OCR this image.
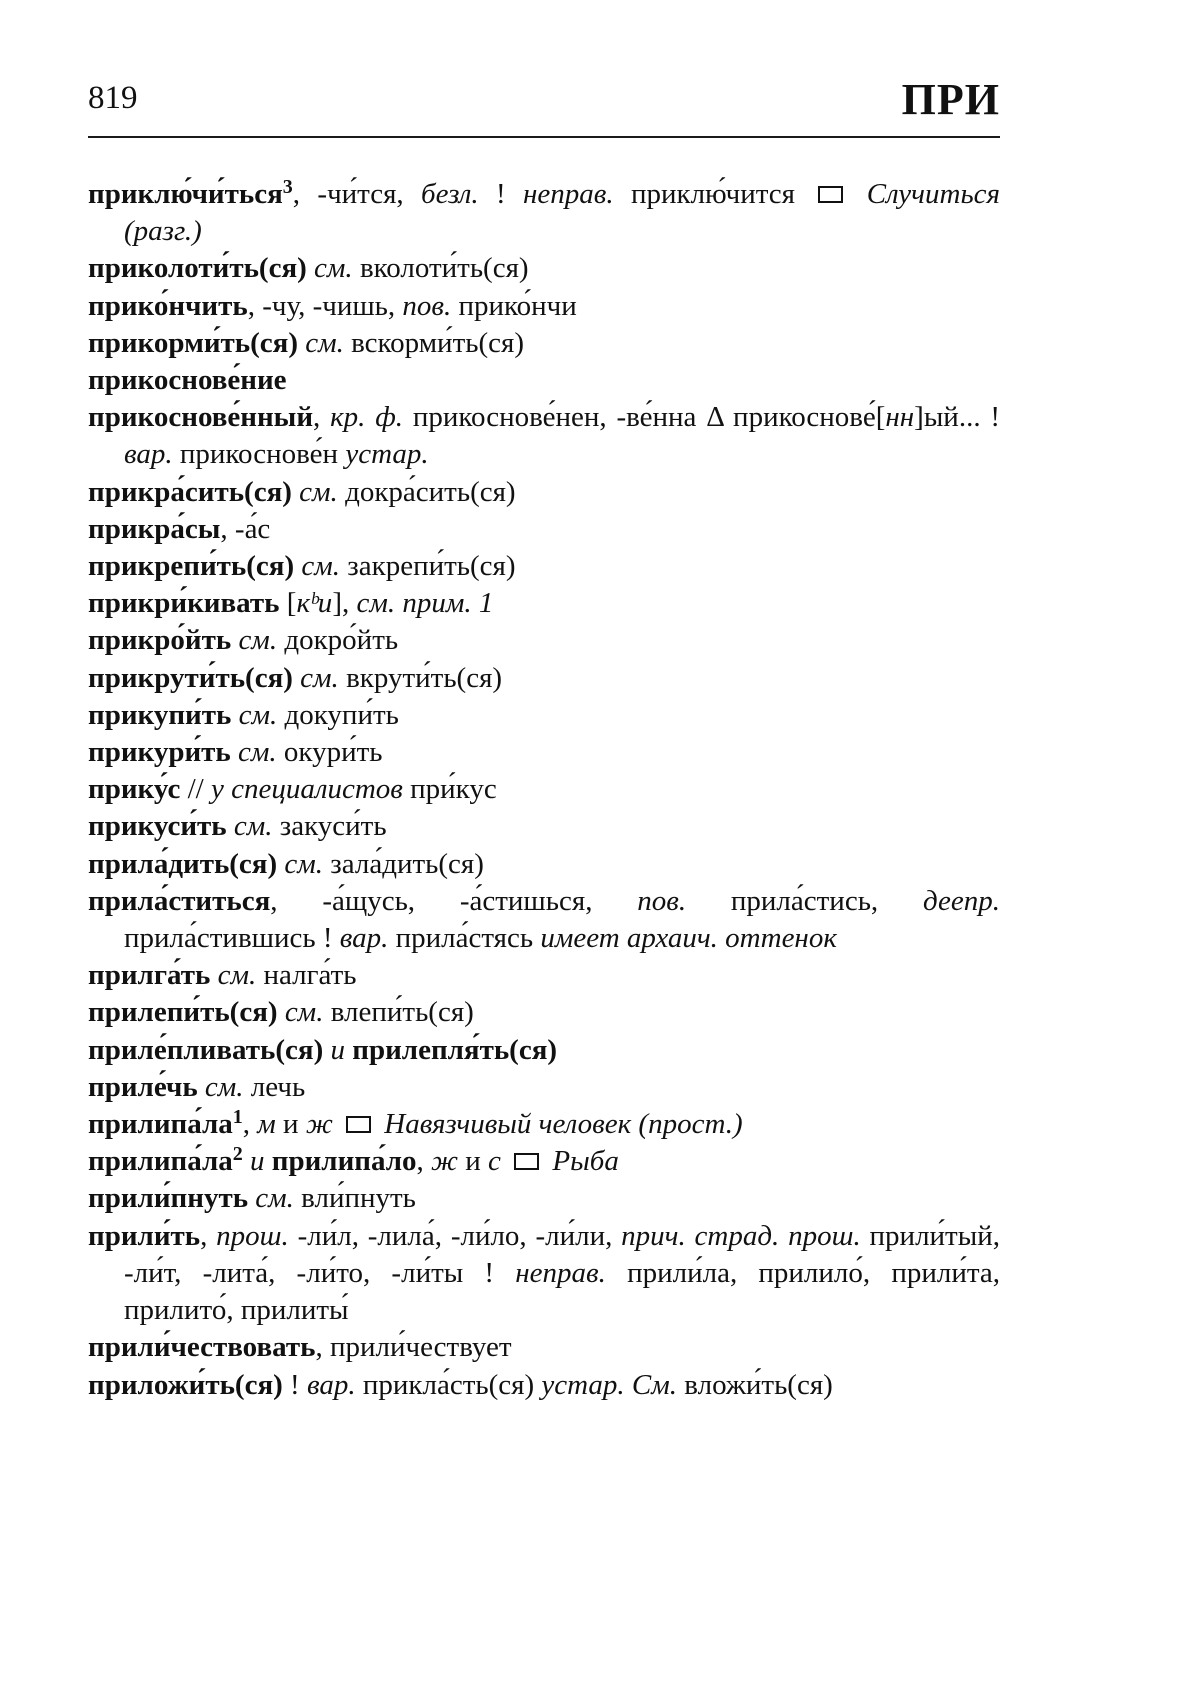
819	ПРИ
приклю́чи́ться$^3$, -чи́тся, безл. ! неправ. приклю́чится  Случиться (разг.)
приколоти́ть(ся) см. вколоти́ть(ся)
прико́нчить, -чу, -чишь, пов. прико́нчи
прикорми́ть(ся) см. вскорми́ть(ся)
прикоснове́ние
прикоснове́нный, кр. ф. прикоснове́нен, -ве́нна Δ прикоснове́[нн]ый... ! вар. прикоснове́н устар.
прикра́сить(ся) см. докра́сить(ся)
прикра́сы, -а́с
прикрепи́ть(ся) см. закрепи́ть(ся)
прикри́кивать [кᵇи], см. прим. 1
прикро́йть см. докро́йть
прикрути́ть(ся) см. вкрути́ть(ся)
прикупи́ть см. докупи́ть
прикури́ть см. окури́ть
прику́с // у специалистов при́кус
прикуси́ть см. закуси́ть
прила́дить(ся) см. зала́дить(ся)
прила́ститься, -а́щусь, -а́стишься, пов. прила́стись, деепр. прила́стившись ! вар. прила́стясь имеет архаич. оттенок
прилга́ть см. налга́ть
прилепи́ть(ся) см. влепи́ть(ся)
приле́пливать(ся) и прилепля́ть(ся)
приле́чь см. лечь
$прилипа́ла^1$, м и ж  Навязчивый человек (прост.)
$прилипа́ла^2$ и прилипа́ло, ж и с  Рыба
прили́пнуть см. вли́пнуть
прили́ть, прош. -ли́л, -лила́, -ли́ло, -ли́ли, прич. страд. прош. прили́тый, -ли́т, -лита́, -ли́то, -ли́ты ! неправ. прили́ла, прилило́, прили́та, прилито́, прилиты́
прили́чествовать, прили́чествует
приложи́ть(ся) ! вар. прикла́сть(ся) устар. См. вложи́ть(ся)
